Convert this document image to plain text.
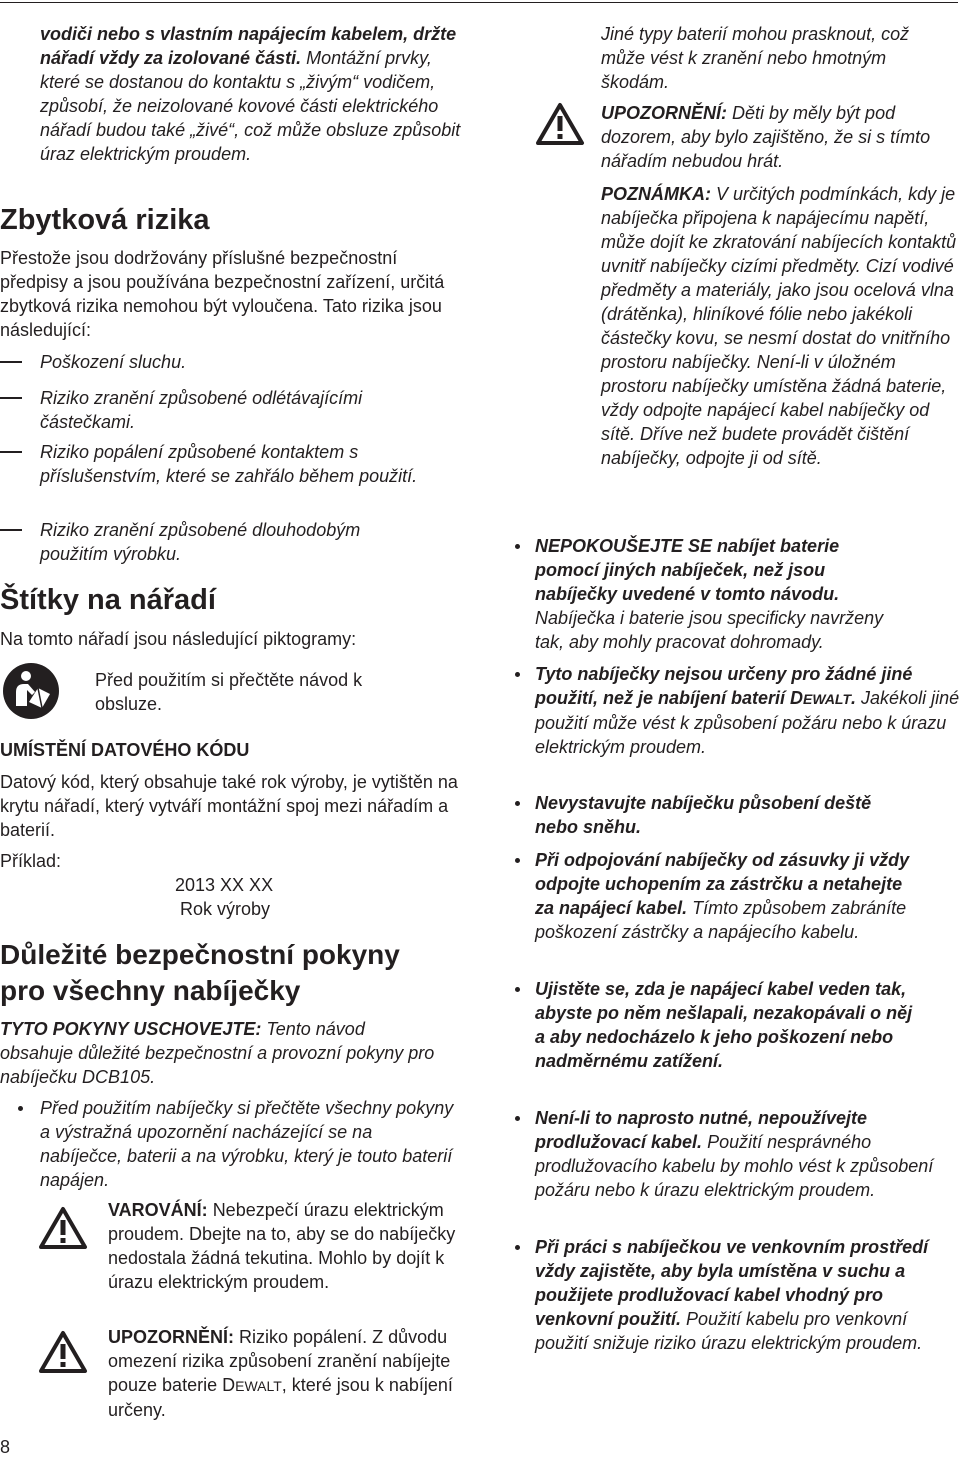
vodiči nebo s vlastním napájecím kabelem, držte nářadí vždy za izolované části. Montážní prvky, které se dostanou do kontaktu s „živým“ vodičem, způsobí, že neizolované kovové části elektrického nářadí budou také „živé“, což může obsluze způsobit úraz elektrickým proudem.

Zbytková rizika

Přestože jsou dodržovány příslušné bezpečnostní předpisy a jsou používána bezpečnostní zařízení, určitá zbytková rizika nemohou být vyloučena. Tato rizika jsou následující:

Poškození sluchu.
Riziko zranění způsobené odlétávajícími částečkami.
Riziko popálení způsobené kontaktem s příslušenstvím, které se zahřálo během použití.
Riziko zranění způsobené dlouhodobým použitím výrobku.
Štítky na nářadí

Na tomto nářadí jsou následující piktogramy:

Před použitím si přečtěte návod k obsluze.

UMÍSTĚNÍ DATOVÉHO KÓDU

Datový kód, který obsahuje také rok výroby, je vytištěn na krytu nářadí, který vytváří montážní spoj mezi nářadím a baterií.

Příklad:
2013 XX XX
Rok výroby
Důležité bezpečnostní pokyny
pro všechny nabíječky

TYTO POKYNY USCHOVEJTE: Tento návod obsahuje důležité bezpečnostní a provozní pokyny pro nabíječku DCB105.

Před použitím nabíječky si přečtěte všechny pokyny a výstražná upozornění nacházející se na nabíječce, baterii a na výrobku, který je touto baterií napájen.

VAROVÁNÍ: Nebezpečí úrazu elektrickým proudem. Dbejte na to, aby se do nabíječky nedostala žádná tekutina. Mohlo by dojít k úrazu elektrickým proudem.

UPOZORNĚNÍ: Riziko popálení. Z důvodu omezení rizika způsobení zranění nabíjejte pouze baterie DEWALT, které jsou k nabíjení určeny.

Jiné typy baterií mohou prasknout, což může vést k zranění nebo hmotným škodám.

UPOZORNĚNÍ: Děti by měly být pod dozorem, aby bylo zajištěno, že si s tímto nářadím nebudou hrát.

POZNÁMKA: V určitých podmínkách, kdy je nabíječka připojena k napájecímu napětí, může dojít ke zkratování nabíjecích kontaktů uvnitř nabíječky cizími předměty. Cizí vodivé předměty a materiály, jako jsou ocelová vlna (drátěnka), hliníkové fólie nebo jakékoli částečky kovu, se nesmí dostat do vnitřního prostoru nabíječky. Není-li v úložném prostoru nabíječky umístěna žádná baterie, vždy odpojte napájecí kabel nabíječky od sítě. Dříve než budete provádět čištění nabíječky, odpojte ji od sítě.

NEPOKOUŠEJTE SE nabíjet baterie pomocí jiných nabíječek, než jsou nabíječky uvedené v tomto návodu. Nabíječka i baterie jsou specificky navrženy tak, aby mohly pracovat dohromady.
Tyto nabíječky nejsou určeny pro žádné jiné použití, než je nabíjení baterií DEWALT. Jakékoli jiné použití může vést k způsobení požáru nebo k úrazu elektrickým proudem.
Nevystavujte nabíječku působení deště nebo sněhu.
Při odpojování nabíječky od zásuvky ji vždy odpojte uchopením za zástrčku a netahejte za napájecí kabel. Tímto způsobem zabráníte poškození zástrčky a napájecího kabelu.
Ujistěte se, zda je napájecí kabel veden tak, abyste po něm nešlapali, nezakopávali o něj a aby nedocházelo k jeho poškození nebo nadměrnému zatížení.
Není-li to naprosto nutné, nepoužívejte prodlužovací kabel. Použití nesprávného prodlužovacího kabelu by mohlo vést k způsobení požáru nebo k úrazu elektrickým proudem.
Při práci s nabíječkou ve venkovním prostředí vždy zajistěte, aby byla umístěna v suchu a použijete prodlužovací kabel vhodný pro venkovní použití. Použití kabelu pro venkovní použití snižuje riziko úrazu elektrickým proudem.
8
